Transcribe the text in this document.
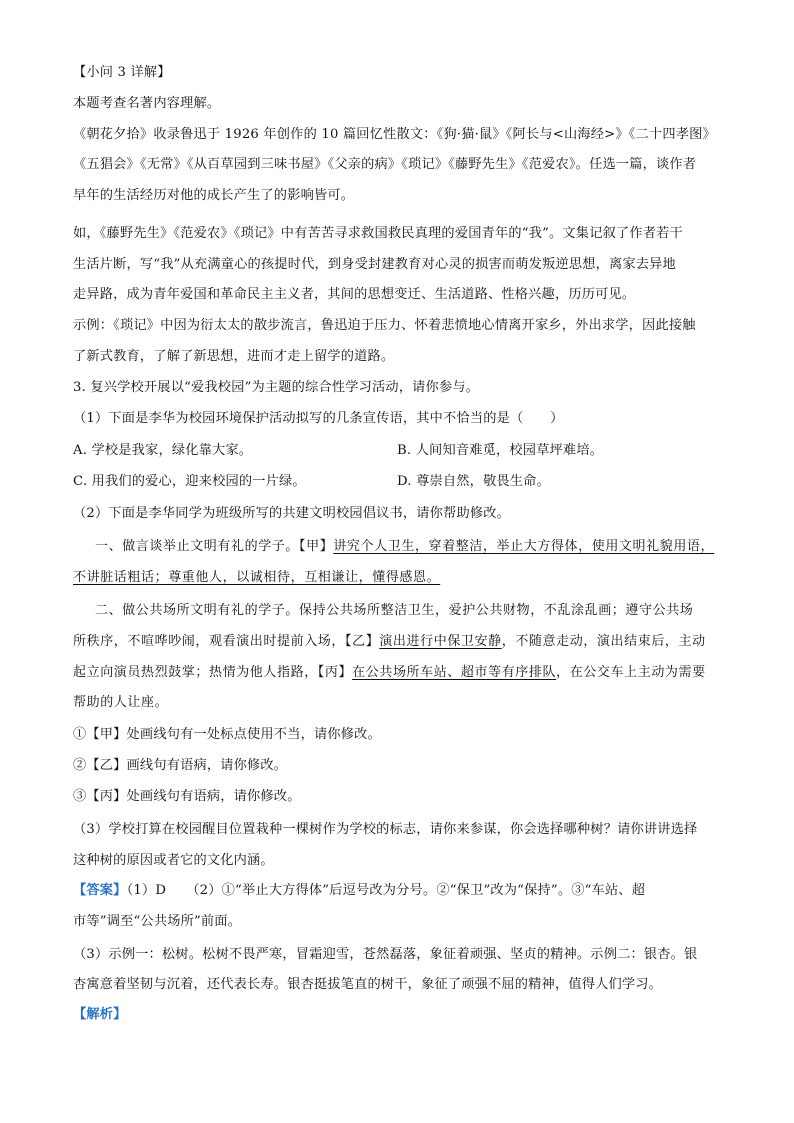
【小问 3 详解】
本题考查名著内容理解。
《朝花夕拾》收录鲁迅于 1926 年创作的 10 篇回忆性散文：《狗·猫·鼠》《阿长与<山海经>》《二十四孝图》
《五猖会》《无常》《从百草园到三味书屋》《父亲的病》《琐记》《藤野先生》《范爱农》。任选一篇，谈作者
早年的生活经历对他的成长产生了的影响皆可。
如，《藤野先生》《范爱农》《琐记》中有苦苦寻求救国救民真理的爱国青年的“我”。文集记叙了作者若干
生活片断，写“我”从充满童心的孩提时代，到身受封建教育对心灵的损害而萌发叛逆思想，离家去异地
走异路，成为青年爱国和革命民主主义者，其间的思想变迁、生活道路、性格兴趣，历历可见。
示例：《琐记》中因为衍太太的散步流言，鲁迅迫于压力、怀着悲愤地心情离开家乡，外出求学，因此接触
了新式教育，了解了新思想，进而才走上留学的道路。
3. 复兴学校开展以“爱我校园”为主题的综合性学习活动，请你参与。
（1）下面是李华为校园环境保护活动拟写的几条宣传语，其中不恰当的是（　　）
A. 学校是我家，绿化靠大家。	B. 人间知音难觅，校园草坪难培。
C. 用我们的爱心，迎来校园的一片绿。	D. 尊崇自然，敬畏生命。
（2）下面是李华同学为班级所写的共建文明校园倡议书，请你帮助修改。
一、做言谈举止文明有礼的学子。【甲】讲究个人卫生，穿着整洁，举止大方得体，使用文明礼貌用语，
不讲脏话粗话；尊重他人，以诚相待，互相谦让，懂得感恩。
二、做公共场所文明有礼的学子。保持公共场所整洁卫生，爱护公共财物，不乱涂乱画；遵守公共场
所秩序，不喧哗吵闹，观看演出时提前入场，【乙】演出进行中保卫安静，不随意走动，演出结束后，主动
起立向演员热烈鼓掌；热情为他人指路，【丙】在公共场所车站、超市等有序排队，在公交车上主动为需要
帮助的人让座。
①【甲】处画线句有一处标点使用不当，请你修改。
②【乙】画线句有语病，请你修改。
③【丙】处画线句有语病，请你修改。
（3）学校打算在校园醒目位置栽种一棵树作为学校的标志，请你来参谋，你会选择哪种树？请你讲讲选择
这种树的原因或者它的文化内涵。
【答案】（1）D　　（2）①“举止大方得体”后逗号改为分号。②“保卫”改为“保持”。③“车站、超
市等”调至“公共场所”前面。
（3）示例一：松树。松树不畏严寒，冒霜迎雪，苍然磊落，象征着顽强、坚贞的精神。示例二：银杏。银
杏寓意着坚韧与沉着，还代表长寿。银杏挺拔笔直的树干，象征了顽强不屈的精神，值得人们学习。
【解析】
